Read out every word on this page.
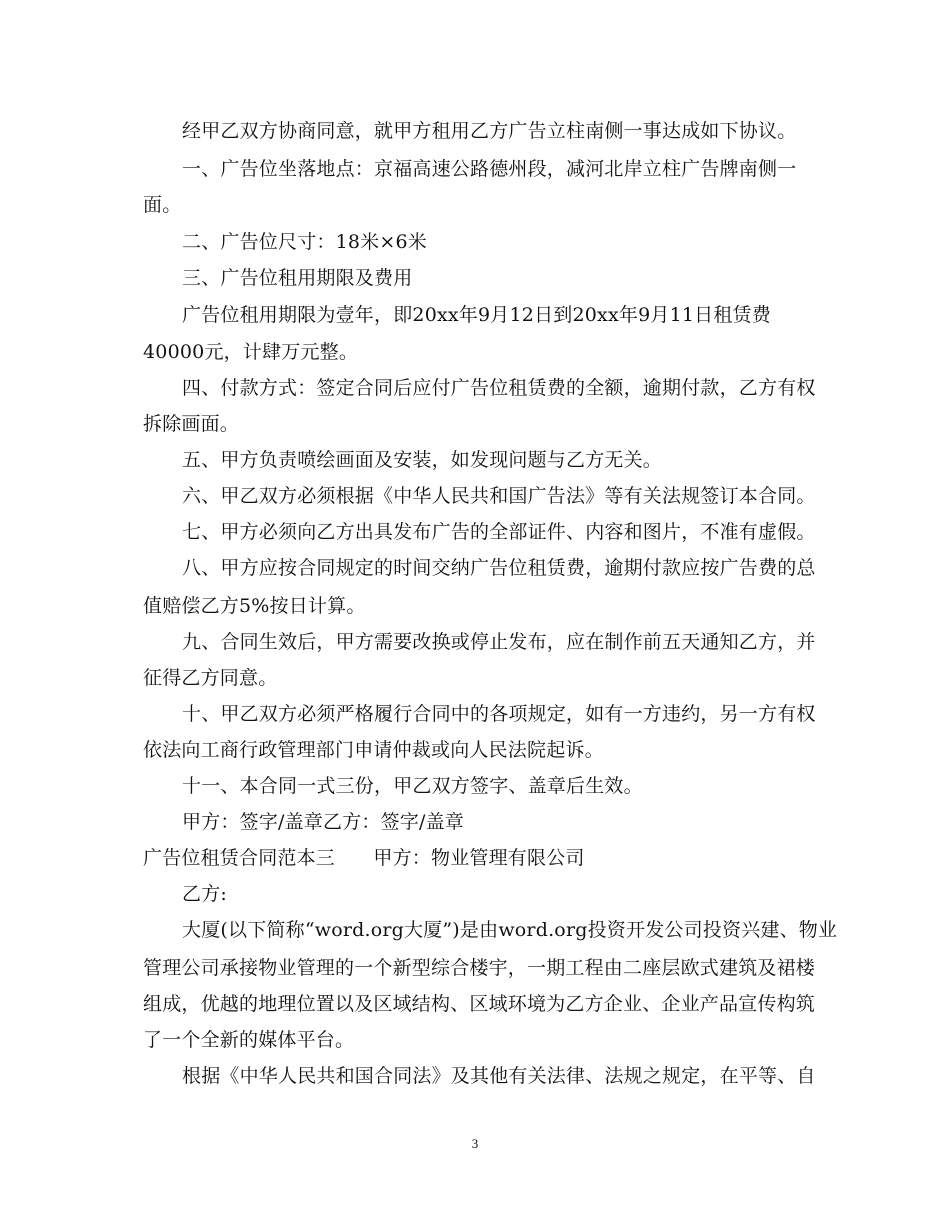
经甲乙双方协商同意，就甲方租用乙方广告立柱南侧一事达成如下协议。
一、广告位坐落地点：京福高速公路德州段，减河北岸立柱广告牌南侧一
面。
二、广告位尺寸：18米×6米
三、广告位租用期限及费用
广告位租用期限为壹年，即20xx年9月12日到20xx年9月11日租赁费
40000元，计肆万元整。
四、付款方式：签定合同后应付广告位租赁费的全额，逾期付款，乙方有权
拆除画面。
五、甲方负责喷绘画面及安装，如发现问题与乙方无关。
六、甲乙双方必须根据《中华人民共和国广告法》等有关法规签订本合同。
七、甲方必须向乙方出具发布广告的全部证件、内容和图片，不准有虚假。
八、甲方应按合同规定的时间交纳广告位租赁费，逾期付款应按广告费的总
值赔偿乙方5%按日计算。
九、合同生效后，甲方需要改换或停止发布，应在制作前五天通知乙方，并
征得乙方同意。
十、甲乙双方必须严格履行合同中的各项规定，如有一方违约，另一方有权
依法向工商行政管理部门申请仲裁或向人民法院起诉。
十一、本合同一式三份，甲乙双方签字、盖章后生效。
甲方：签字/盖章乙方：签字/盖章
广告位租赁合同范本三　　甲方：物业管理有限公司
乙方:
大厦(以下简称“word.org大厦”)是由word.org投资开发公司投资兴建、物业
管理公司承接物业管理的一个新型综合楼宇，一期工程由二座层欧式建筑及裙楼
组成，优越的地理位置以及区域结构、区域环境为乙方企业、企业产品宣传构筑
了一个全新的媒体平台。
根据《中华人民共和国合同法》及其他有关法律、法规之规定，在平等、自
3
